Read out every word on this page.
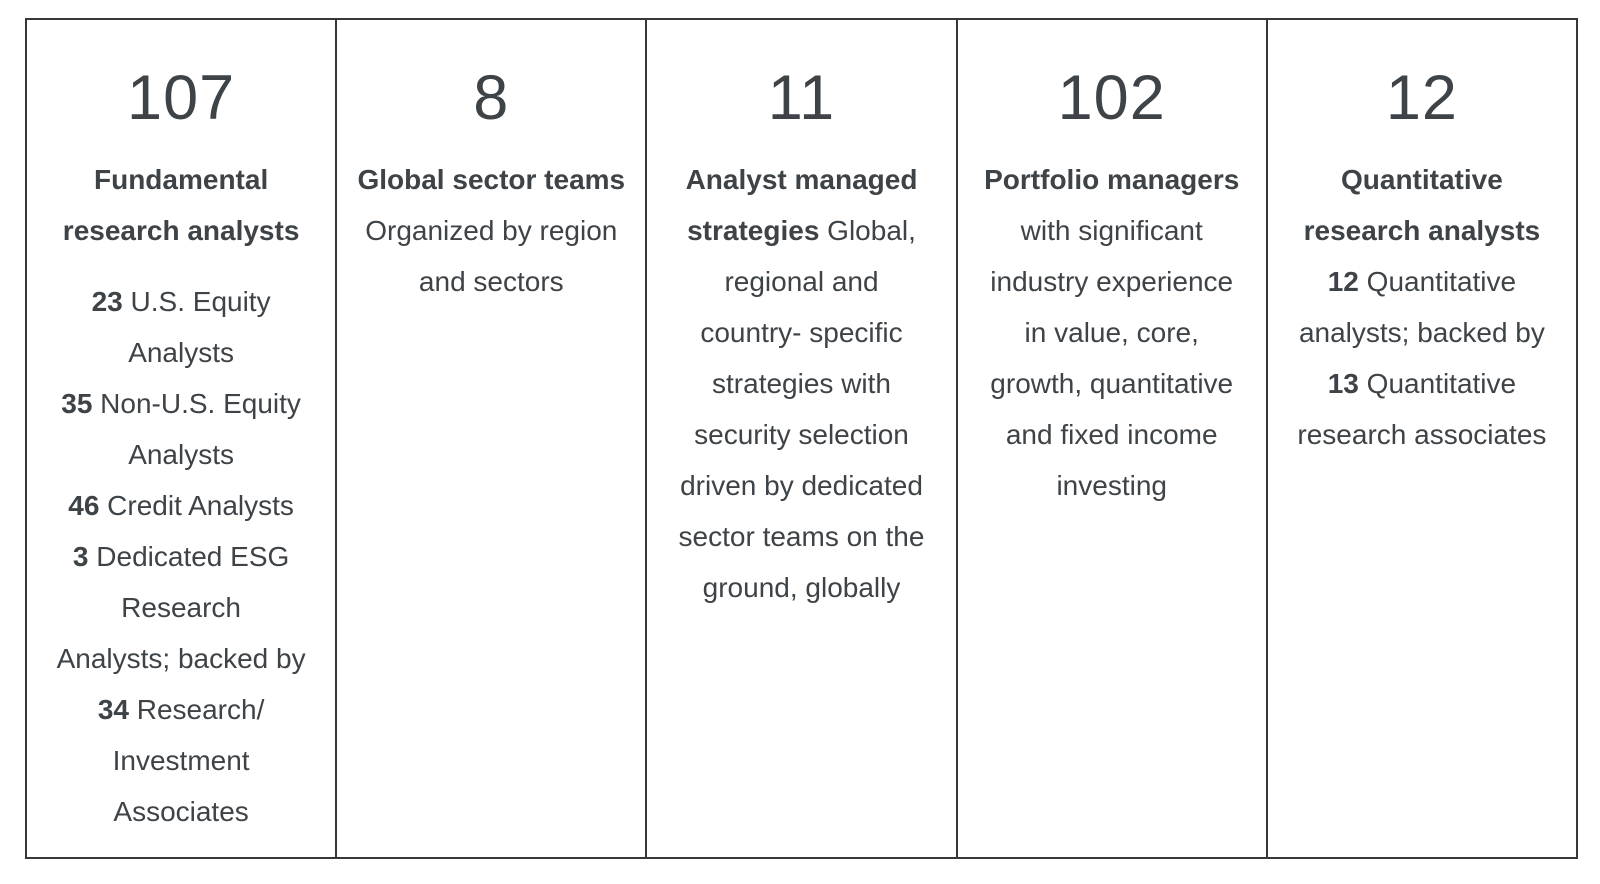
107
Fundamental
research analysts
23 U.S. Equity
Analysts
35 Non-U.S. Equity
Analysts
46 Credit Analysts
3 Dedicated ESG
Research
Analysts; backed by
34 Research/
Investment
Associates
8
Global sector teams
Organized by region
and sectors
11
Analyst managed
strategies Global,
regional and
country- specific
strategies with
security selection
driven by dedicated
sector teams on the
ground, globally
102
Portfolio managers
with significant
industry experience
in value, core,
growth, quantitative
and fixed income
investing
12
Quantitative
research analysts
12 Quantitative
analysts; backed by
13 Quantitative
research associates
